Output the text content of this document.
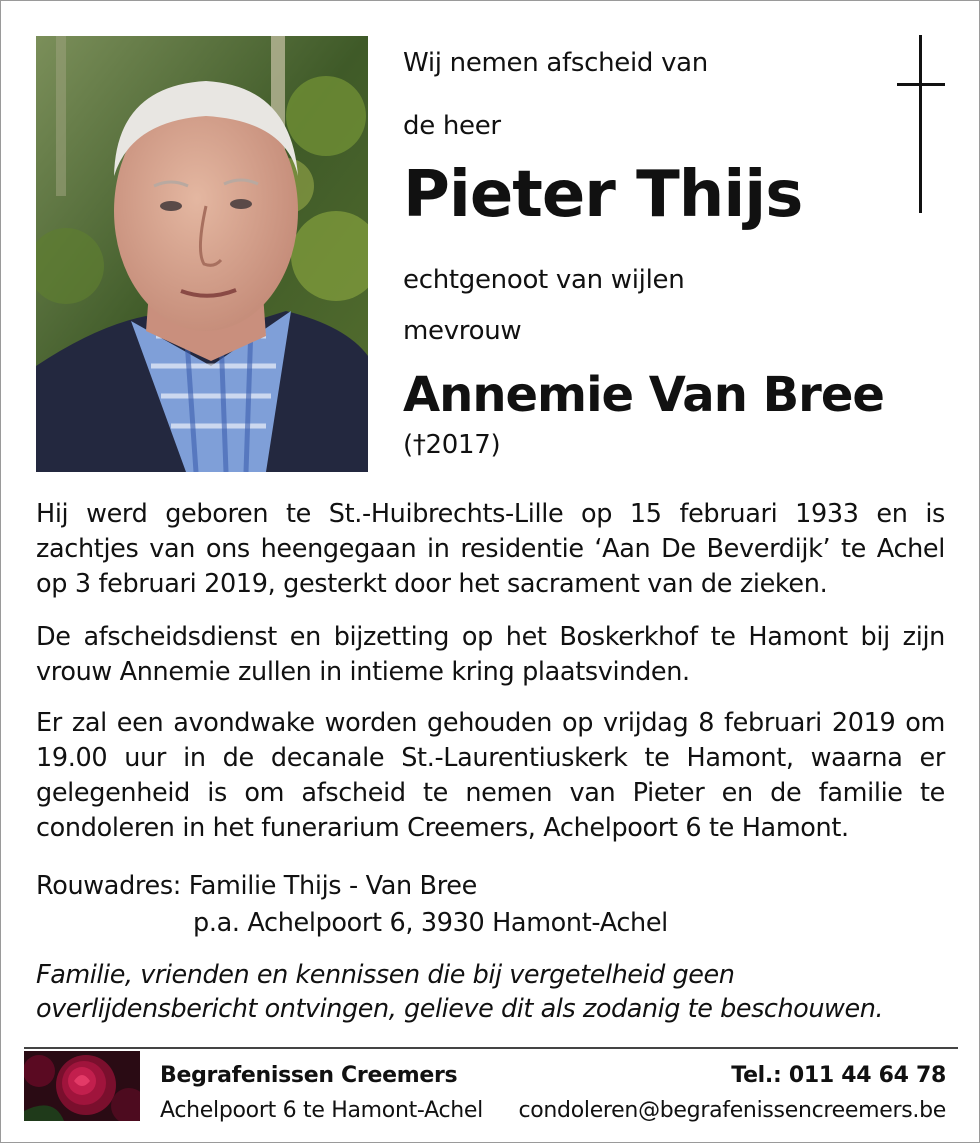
Wij nemen afscheid van
de heer
Pieter Thijs
echtgenoot van wijlen
mevrouw
Annemie Van Bree
(†2017)

Hij werd geboren te St.-Huibrechts-Lille op 15 februari 1933 en is zachtjes van ons heengegaan in residentie ‘Aan De Beverdijk’ te Achel op 3 februari 2019, gesterkt door het sacrament van de zieken.

De afscheidsdienst en bijzetting op het Boskerkhof te Hamont bij zijn vrouw Annemie zullen in intieme kring plaatsvinden.

Er zal een avondwake worden gehouden op vrijdag 8 februari 2019 om 19.00 uur in de decanale St.-Laurentiuskerk te Hamont, waarna er gelegenheid is om afscheid te nemen van Pieter en de familie te condoleren in het funerarium Creemers, Achelpoort 6 te Hamont.

Rouwadres: Familie Thijs - Van Bree
p.a. Achelpoort 6, 3930 Hamont-Achel

Familie, vrienden en kennissen die bij vergetelheid geen overlijdensbericht ontvingen, gelieve dit als zodanig te beschouwen.

Begrafenissen Creemers
Achelpoort 6 te Hamont-Achel
Tel.: 011 44 64 78
condoleren@begrafenissencreemers.be
